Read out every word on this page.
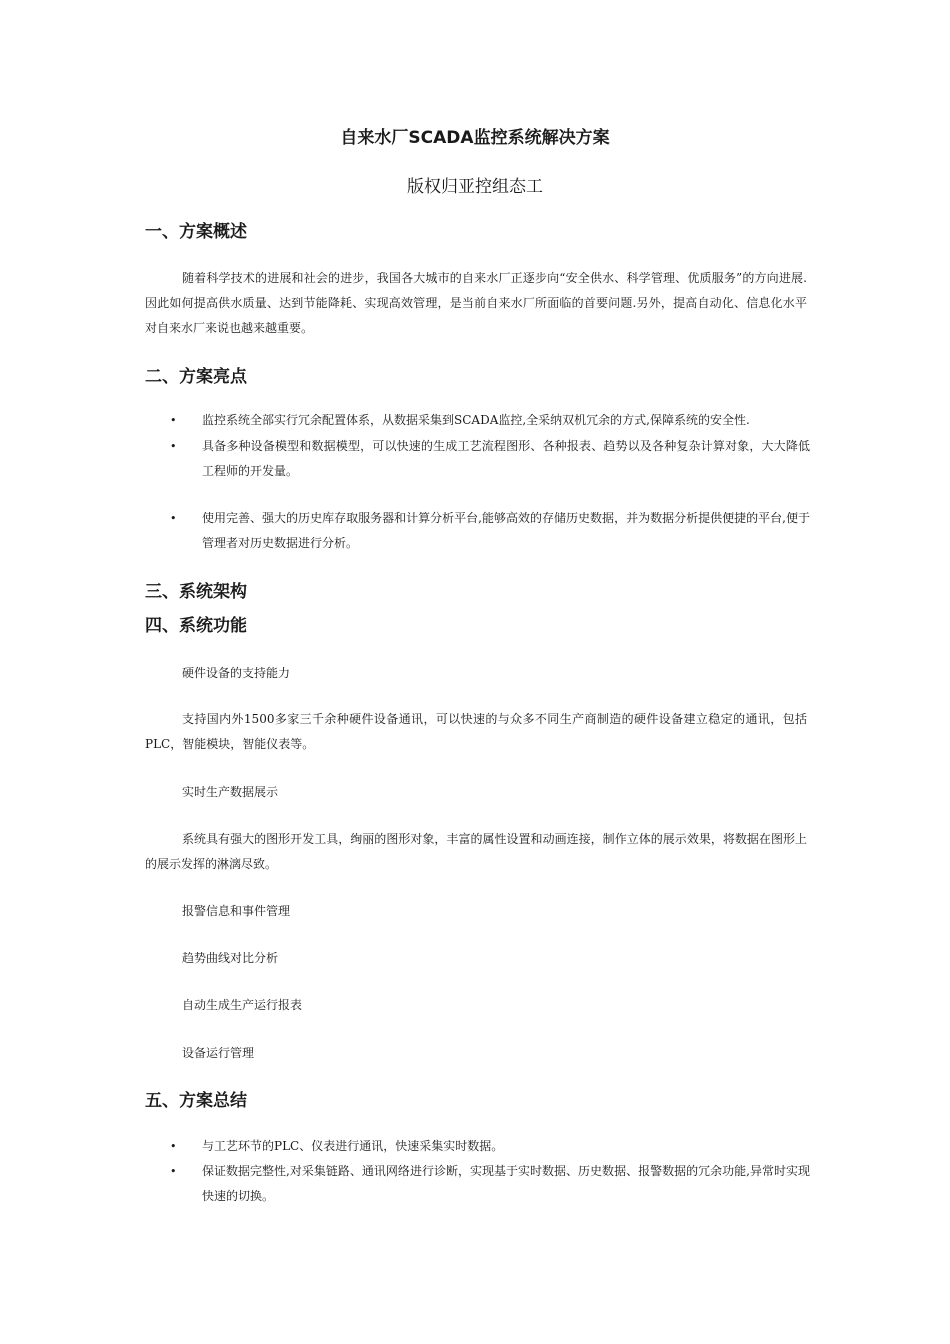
自来水厂SCADA监控系统解决方案
版权归亚控组态工
一、方案概述
随着科学技术的进展和社会的进步，我国各大城市的自来水厂正逐步向“安全供水、科学管理、优质服务”的方向进展.因此如何提高供水质量、达到节能降耗、实现高效管理，是当前自来水厂所面临的首要问题.另外，提高自动化、信息化水平对自来水厂来说也越来越重要。
二、方案亮点
• 监控系统全部实行冗余配置体系，从数据采集到SCADA监控,全采纳双机冗余的方式,保障系统的安全性.
• 具备多种设备模型和数据模型，可以快速的生成工艺流程图形、各种报表、趋势以及各种复杂计算对象，大大降低工程师的开发量。
• 使用完善、强大的历史库存取服务器和计算分析平台,能够高效的存储历史数据，并为数据分析提供便捷的平台,便于管理者对历史数据进行分析。
三、系统架构
四、系统功能
硬件设备的支持能力
支持国内外1500多家三千余种硬件设备通讯，可以快速的与众多不同生产商制造的硬件设备建立稳定的通讯，包括PLC，智能模块，智能仪表等。
实时生产数据展示
系统具有强大的图形开发工具，绚丽的图形对象，丰富的属性设置和动画连接，制作立体的展示效果，将数据在图形上的展示发挥的淋漓尽致。
报警信息和事件管理
趋势曲线对比分析
自动生成生产运行报表
设备运行管理
五、方案总结
• 与工艺环节的PLC、仪表进行通讯，快速采集实时数据。
• 保证数据完整性,对采集链路、通讯网络进行诊断，实现基于实时数据、历史数据、报警数据的冗余功能,异常时实现快速的切换。
